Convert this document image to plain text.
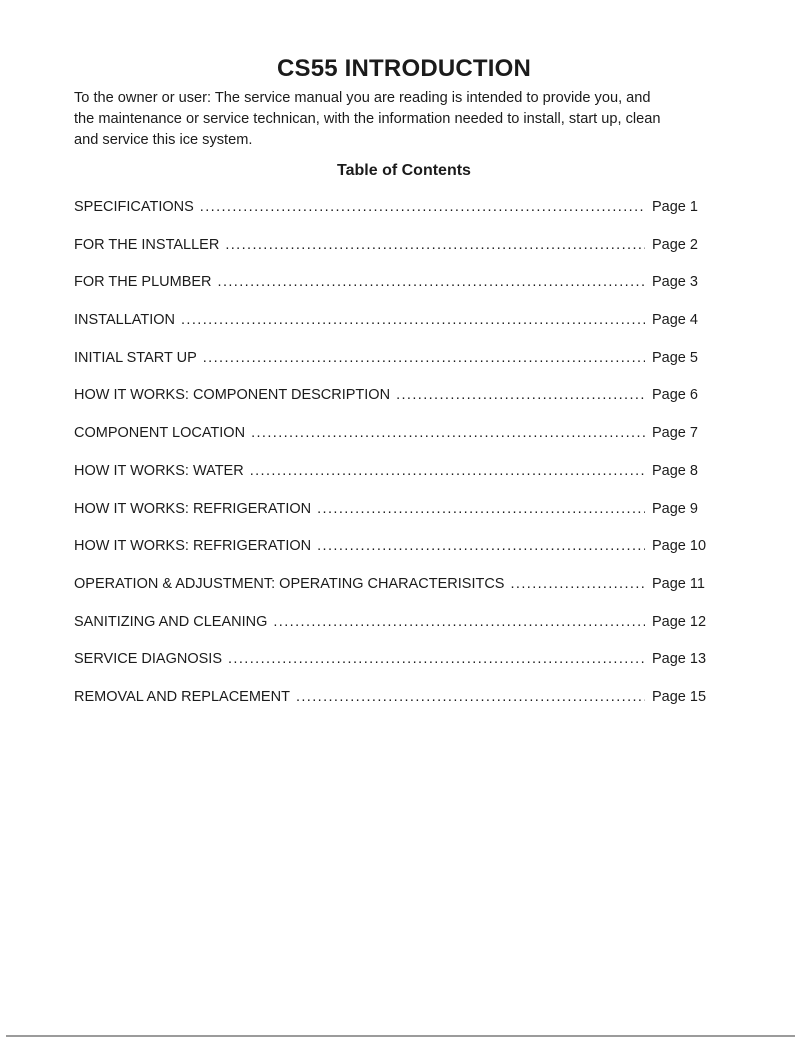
CS55 INTRODUCTION
To the owner or user: The service manual you are reading is intended to provide you, and
the maintenance or service technican, with the information needed to install, start up, clean
and service this ice system.
Table of Contents
SPECIFICATIONS .....	Page 1
FOR THE INSTALLER .....	Page 2
FOR THE PLUMBER .....	Page 3
INSTALLATION .....	Page 4
INITIAL START UP .....	Page 5
HOW IT WORKS: COMPONENT DESCRIPTION .....	Page 6
COMPONENT LOCATION .....	Page 7
HOW IT WORKS: WATER .....	Page 8
HOW IT WORKS: REFRIGERATION .....	Page 9
HOW IT WORKS: REFRIGERATION .....	Page 10
OPERATION & ADJUSTMENT: OPERATING CHARACTERISITCS .....	Page 11
SANITIZING AND CLEANING .....	Page 12
SERVICE DIAGNOSIS .....	Page 13
REMOVAL AND REPLACEMENT .....	Page 15
